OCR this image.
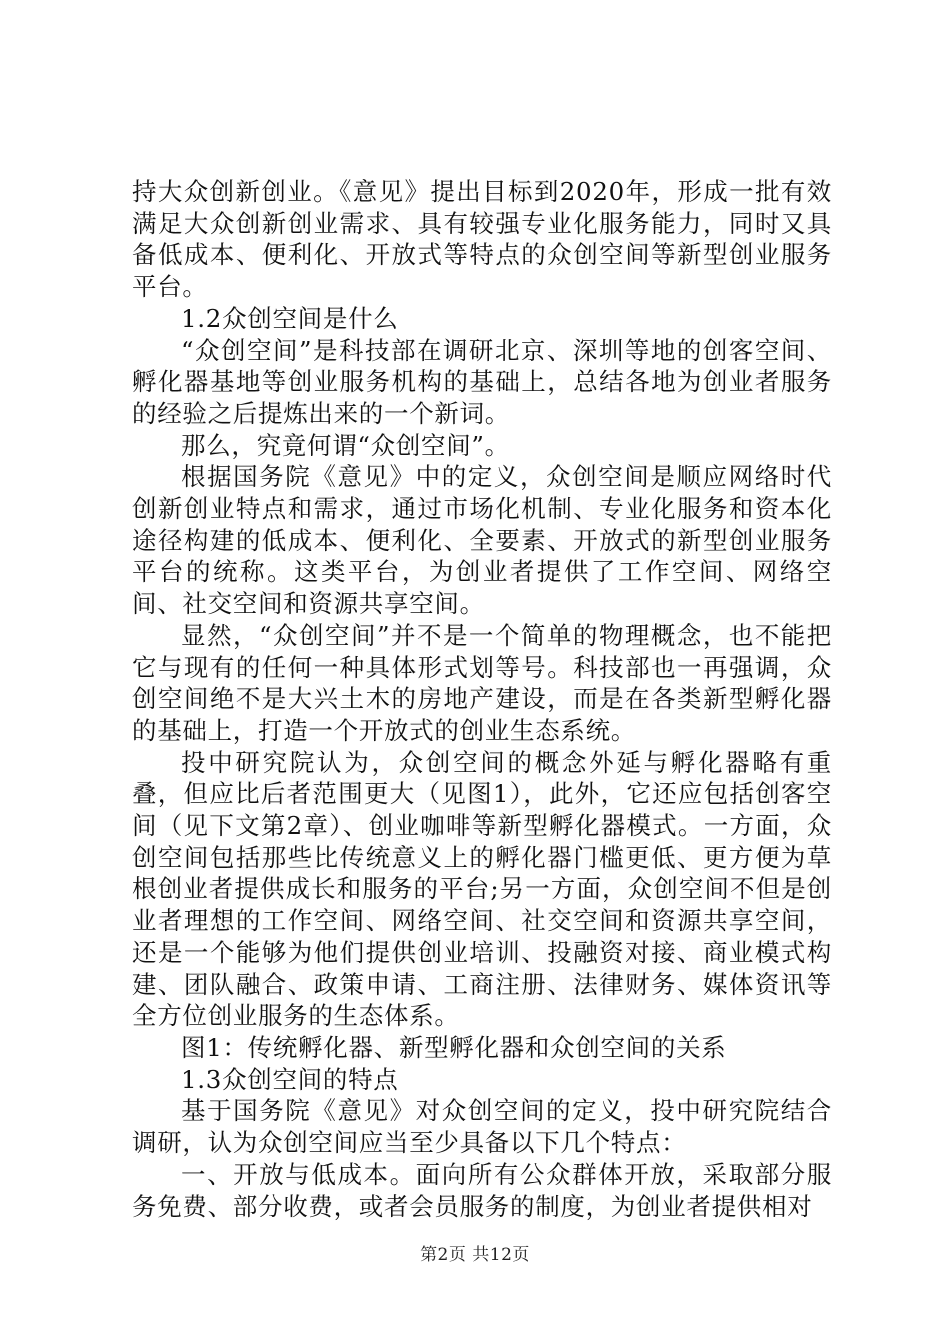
持大众创新创业。《意见》提出目标到2020年，形成一批有效满足大众创新创业需求、具有较强专业化服务能力，同时又具备低成本、便利化、开放式等特点的众创空间等新型创业服务平台。

1.2众创空间是什么

“众创空间”是科技部在调研北京、深圳等地的创客空间、孵化器基地等创业服务机构的基础上，总结各地为创业者服务的经验之后提炼出来的一个新词。

那么，究竟何谓“众创空间”。

根据国务院《意见》中的定义，众创空间是顺应网络时代创新创业特点和需求，通过市场化机制、专业化服务和资本化途径构建的低成本、便利化、全要素、开放式的新型创业服务平台的统称。这类平台，为创业者提供了工作空间、网络空间、社交空间和资源共享空间。

显然，“众创空间”并不是一个简单的物理概念，也不能把它与现有的任何一种具体形式划等号。科技部也一再强调，众创空间绝不是大兴土木的房地产建设，而是在各类新型孵化器的基础上，打造一个开放式的创业生态系统。

投中研究院认为，众创空间的概念外延与孵化器略有重叠，但应比后者范围更大（见图1），此外，它还应包括创客空间（见下文第2章）、创业咖啡等新型孵化器模式。一方面，众创空间包括那些比传统意义上的孵化器门槛更低、更方便为草根创业者提供成长和服务的平台;另一方面，众创空间不但是创业者理想的工作空间、网络空间、社交空间和资源共享空间，还是一个能够为他们提供创业培训、投融资对接、商业模式构建、团队融合、政策申请、工商注册、法律财务、媒体资讯等全方位创业服务的生态体系。

图1：传统孵化器、新型孵化器和众创空间的关系

1.3众创空间的特点

基于国务院《意见》对众创空间的定义，投中研究院结合调研，认为众创空间应当至少具备以下几个特点：

一、开放与低成本。面向所有公众群体开放，采取部分服务免费、部分收费，或者会员服务的制度，为创业者提供相对

第2页 共12页
